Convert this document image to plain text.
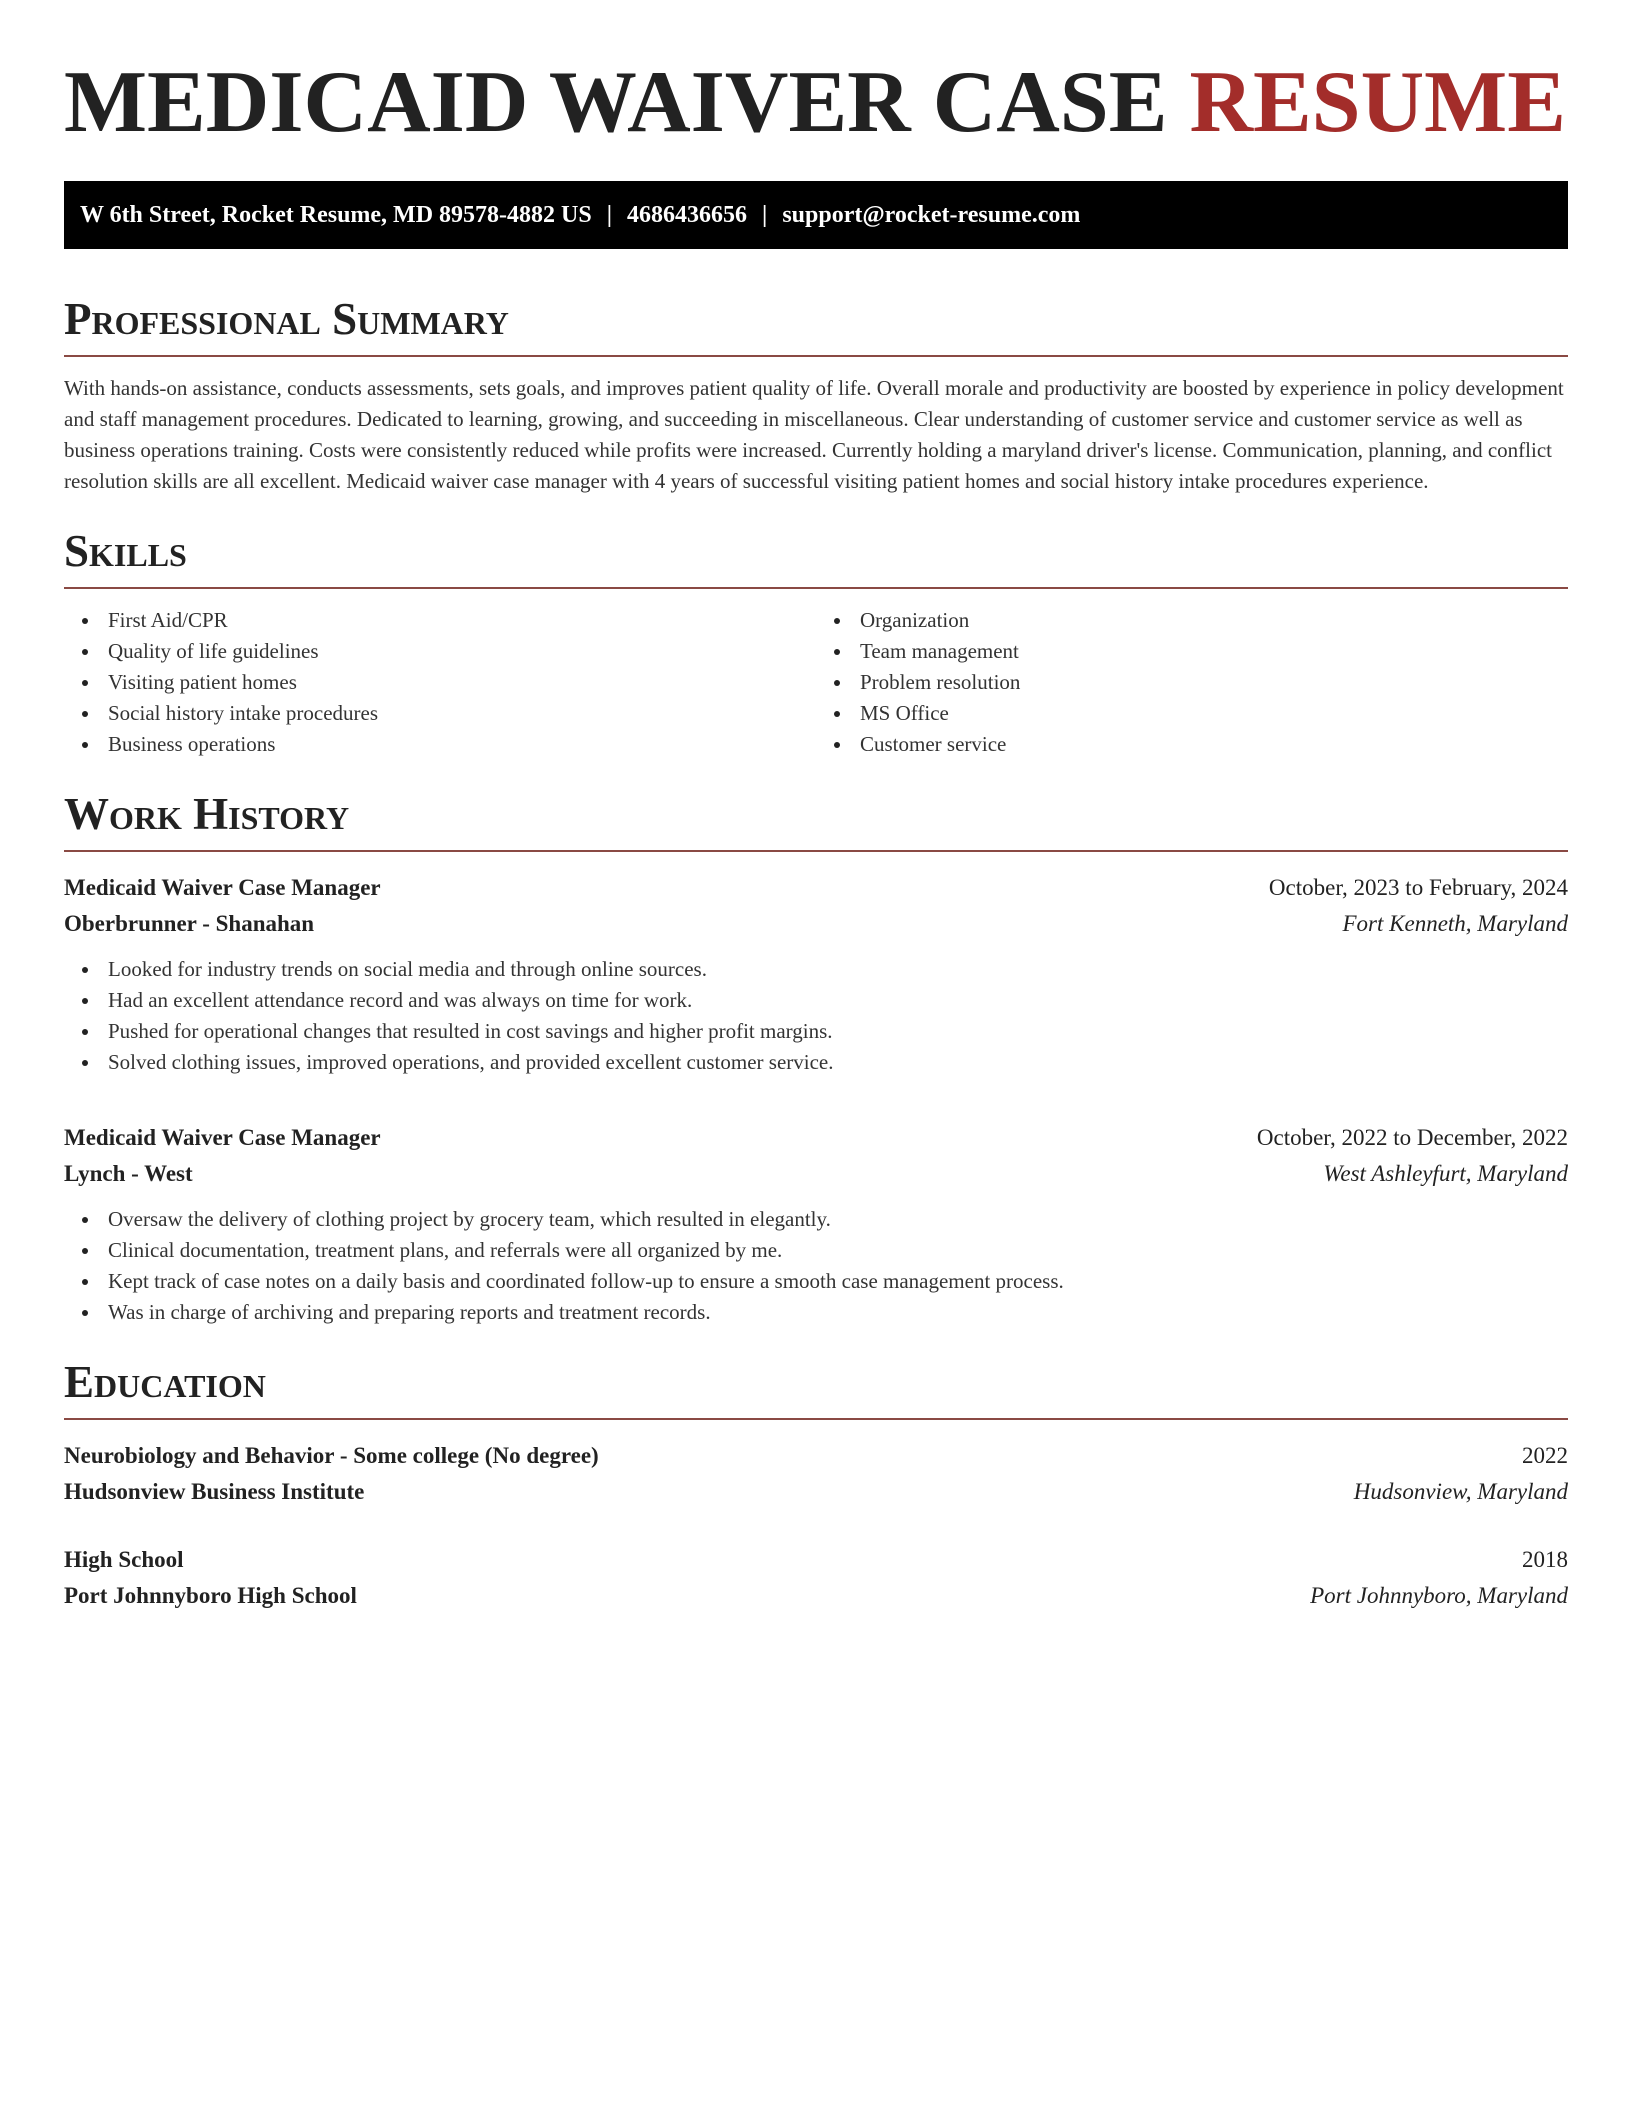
MEDICAID WAIVER CASE RESUME
W 6th Street, Rocket Resume, MD 89578-4882 US | 4686436656 | support@rocket-resume.com
Professional Summary

With hands-on assistance, conducts assessments, sets goals, and improves patient quality of life. Overall morale and productivity are boosted by experience in policy development and staff management procedures. Dedicated to learning, growing, and succeeding in miscellaneous. Clear understanding of customer service and customer service as well as business operations training. Costs were consistently reduced while profits were increased. Currently holding a maryland driver's license. Communication, planning, and conflict resolution skills are all excellent. Medicaid waiver case manager with 4 years of successful visiting patient homes and social history intake procedures experience.

Skills
First Aid/CPR
Quality of life guidelines
Visiting patient homes
Social history intake procedures
Business operations
Organization
Team management
Problem resolution
MS Office
Customer service
Work History
Medicaid Waiver Case Manager	October, 2023 to February, 2024
Oberbrunner - Shanahan	Fort Kenneth, Maryland
Looked for industry trends on social media and through online sources.
Had an excellent attendance record and was always on time for work.
Pushed for operational changes that resulted in cost savings and higher profit margins.
Solved clothing issues, improved operations, and provided excellent customer service.
Medicaid Waiver Case Manager	October, 2022 to December, 2022
Lynch - West	West Ashleyfurt, Maryland
Oversaw the delivery of clothing project by grocery team, which resulted in elegantly.
Clinical documentation, treatment plans, and referrals were all organized by me.
Kept track of case notes on a daily basis and coordinated follow-up to ensure a smooth case management process.
Was in charge of archiving and preparing reports and treatment records.
Education
Neurobiology and Behavior - Some college (No degree)	2022
Hudsonview Business Institute	Hudsonview, Maryland
High School	2018
Port Johnnyboro High School	Port Johnnyboro, Maryland
